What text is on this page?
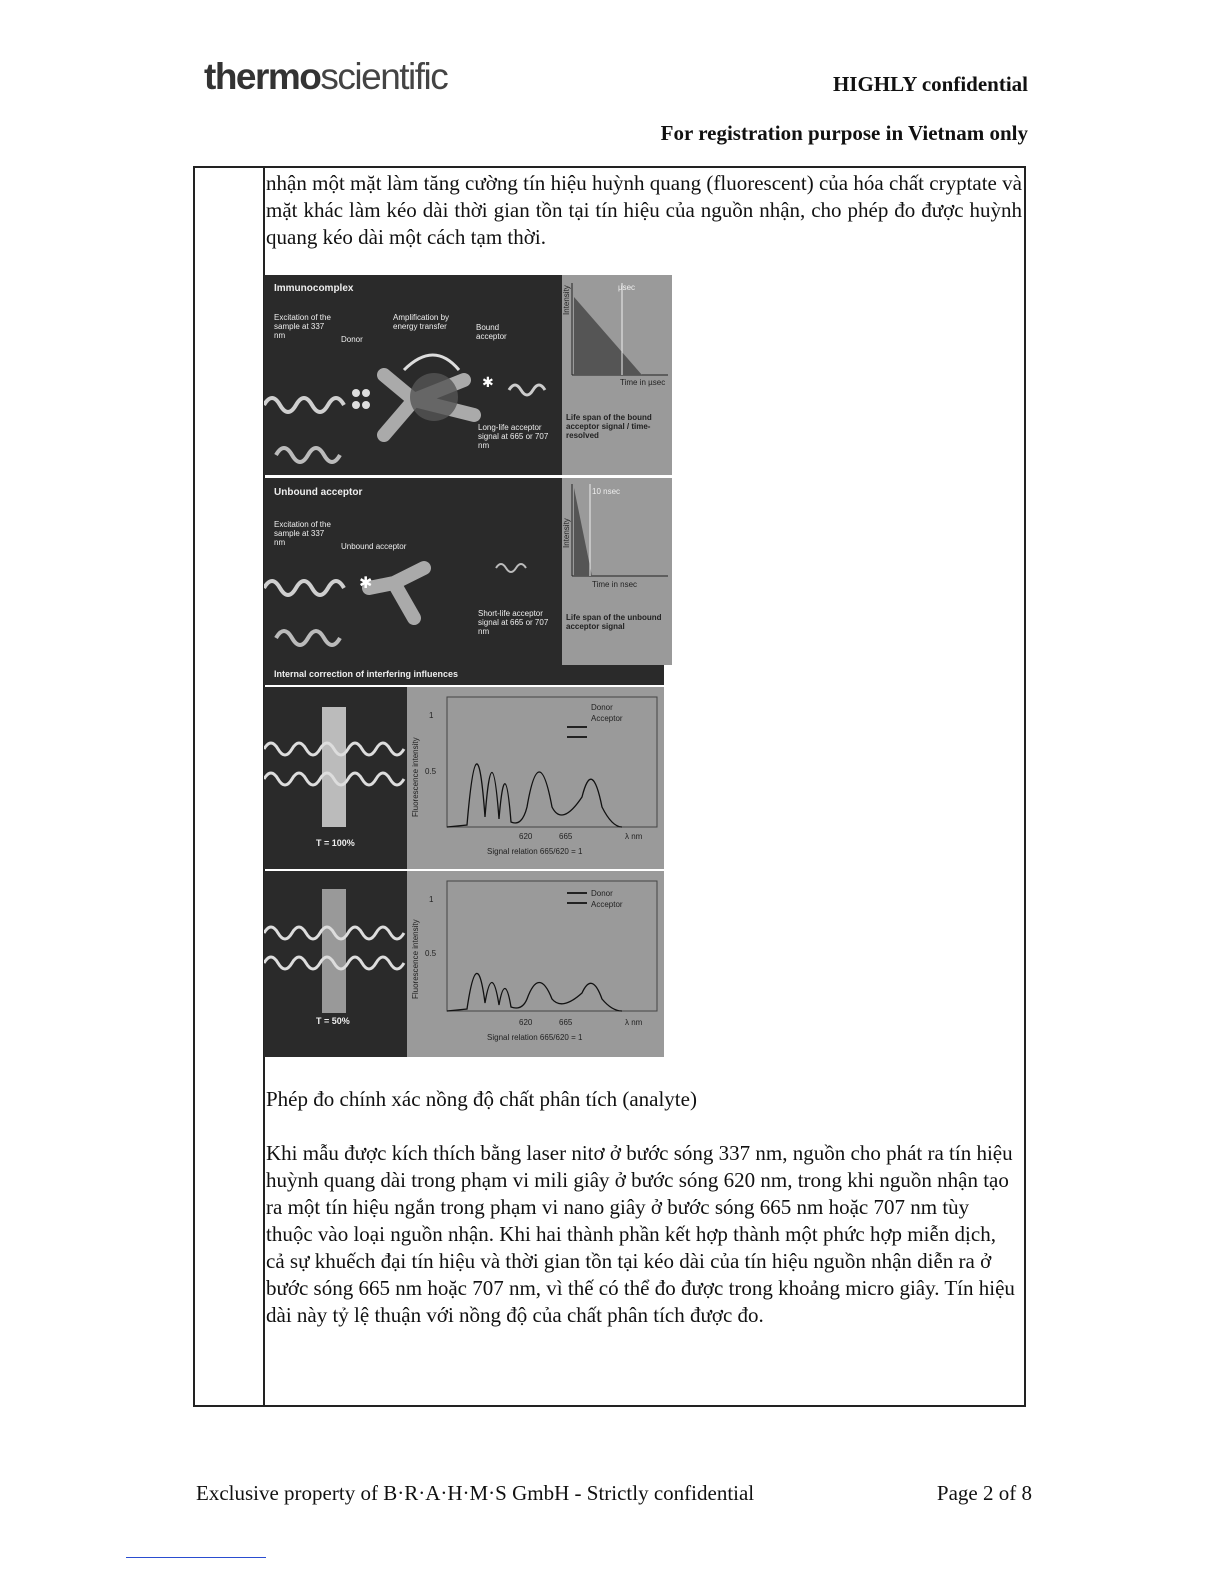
thermoscientific	HIGHLY confidential
For registration purpose in Vietnam only

nhận một mặt làm tăng cường tín hiệu huỳnh quang (fluorescent) của hóa chất cryptate và mặt khác làm kéo dài thời gian tồn tại tín hiệu của nguồn nhận, cho phép đo được huỳnh quang kéo dài một cách tạm thời.

Phép đo chính xác nồng độ chất phân tích (analyte)

Khi mẫu được kích thích bằng laser nitơ ở bước sóng 337 nm, nguồn cho phát ra tín hiệu huỳnh quang dài trong phạm vi mili giây ở bước sóng 620 nm, trong khi nguồn nhận tạo ra một tín hiệu ngắn trong phạm vi nano giây ở bước sóng 665 nm hoặc 707 nm tùy thuộc vào loại nguồn nhận. Khi hai thành phần kết hợp thành một phức hợp miễn dịch, cả sự khuếch đại tín hiệu và thời gian tồn tại kéo dài của tín hiệu nguồn nhận diễn ra ở bước sóng 665 nm hoặc 707 nm, vì thế có thể đo được trong khoảng micro giây. Tín hiệu dài này tỷ lệ thuận với nồng độ của chất phân tích được đo.

Immunocomplex
Excitation of the sample at 337 nm	Donor
Amplification by energy transfer	Bound acceptor
Long-life acceptor signal at 665 or 707 nm
✱
µsec
Intensity
Time in µsec
Life span of the bound acceptor signal / time-resolved
Unbound acceptor
Excitation of the sample at 337 nm	Unbound acceptor
Short-life acceptor signal at 665 or 707 nm
✱
10 nsec
Intensity
Time in nsec
Life span of the unbound acceptor signal
Internal correction of interfering influences
T = 100%
Donor
Acceptor
1
0.5
Fluorescence intensity
620	665	λ nm
Signal relation 665/620 = 1
T = 50%
Donor
Acceptor
1
0.5
Fluorescence intensity
620	665	λ nm
Signal relation 665/620 = 1
Exclusive property of B·R·A·H·M·S GmbH - Strictly confidential	Page 2 of 8
